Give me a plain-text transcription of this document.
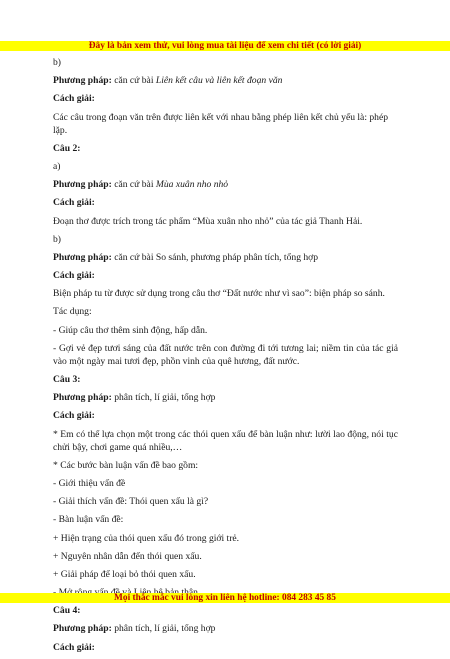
Đây là bản xem thử, vui lòng mua tài liệu để xem chi tiết (có lời giải)
b)
Phương pháp: căn cứ bài Liên kết câu và liên kết đoạn văn
Cách giải:
Các câu trong đoạn văn trên được liên kết với nhau bằng phép liên kết chủ yếu là: phép lặp.
Câu 2:
a)
Phương pháp: căn cứ bài Mùa xuân nho nhỏ
Cách giải:
Đoạn thơ được trích trong tác phẩm “Mùa xuân nho nhỏ” của tác giả Thanh Hải.
b)
Phương pháp: căn cứ bài So sánh, phương pháp phân tích, tổng hợp
Cách giải:
Biện pháp tu từ được sử dụng trong câu thơ “Đất nước như vì sao”: biện pháp so sánh.
Tác dụng:
- Giúp câu thơ thêm sinh động, hấp dẫn.
- Gợi vẻ đẹp tươi sáng của đất nước trên con đường đi tới tương lai; niềm tin của tác giả vào một ngày mai tươi đẹp, phồn vinh của quê hương, đất nước.
Câu 3:
Phương pháp: phân tích, lí giải, tổng hợp
Cách giải:
* Em có thể lựa chọn một trong các thói quen xấu để bàn luận như: lười lao động, nói tục chửi bậy, chơi game quá nhiều,…
* Các bước bàn luận vấn đề bao gồm:
- Giới thiệu vấn đề
- Giải thích vấn đề: Thói quen xấu là gì?
- Bàn luận vấn đề:
+ Hiện trạng của thói quen xấu đó trong giới trẻ.
+ Nguyên nhân dẫn đến thói quen xấu.
+ Giải pháp để loại bỏ thói quen xấu.
Câu 4:
Phương pháp: phân tích, lí giải, tổng hợp
Cách giải:
Mọi thắc mắc vui lòng xin liên hệ hotline: 084 283 45 85
